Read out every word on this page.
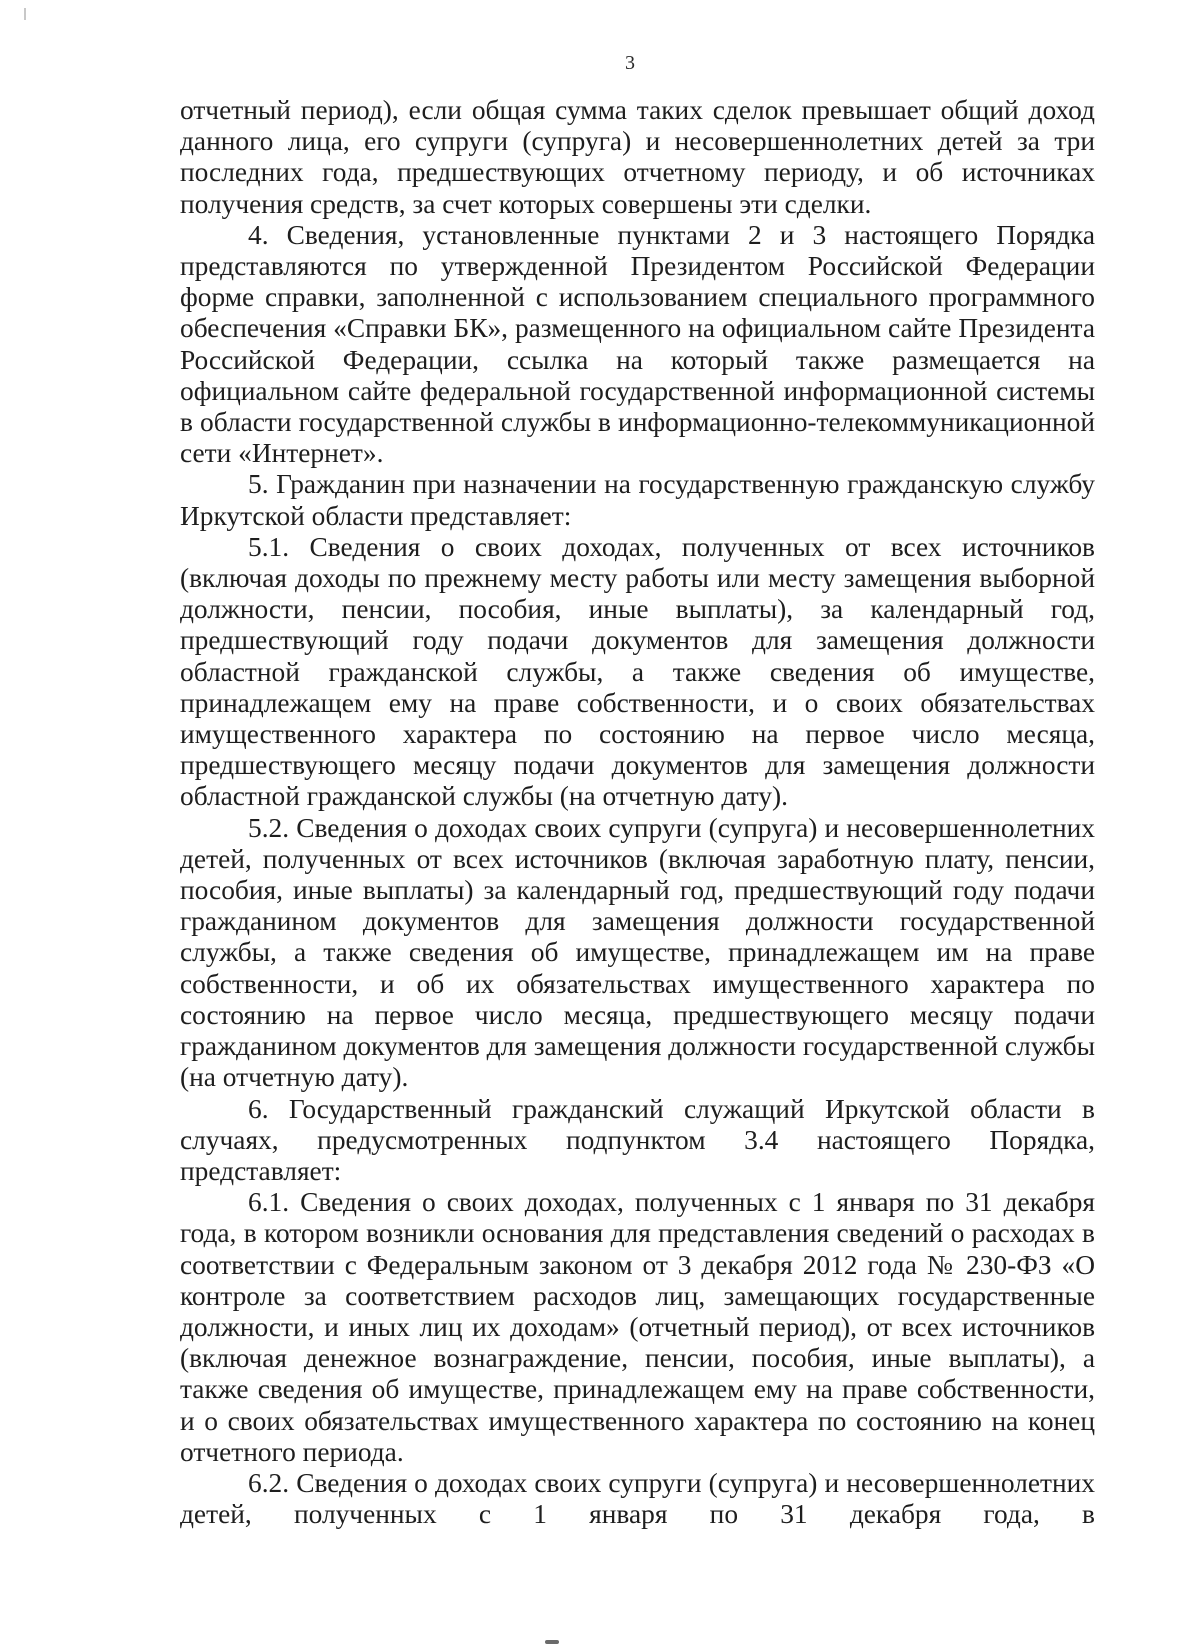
3

отчетный период), если общая сумма таких сделок превышает общий доход данного лица, его супруги (супруга) и несовершеннолетних детей за три последних года, предшествующих отчетному периоду, и об источниках получения средств, за счет которых совершены эти сделки.

4. Сведения, установленные пунктами 2 и 3 настоящего Порядка представляются по утвержденной Президентом Российской Федерации форме справки, заполненной с использованием специального программного обеспечения «Справки БК», размещенного на официальном сайте Президента Российской Федерации, ссылка на который также размещается на официальном сайте федеральной государственной информационной системы в области государственной службы в информационно-телекоммуникационной сети «Интернет».

5. Гражданин при назначении на государственную гражданскую службу Иркутской области представляет:

5.1. Сведения о своих доходах, полученных от всех источников (включая доходы по прежнему месту работы или месту замещения выборной должности, пенсии, пособия, иные выплаты), за календарный год, предшествующий году подачи документов для замещения должности областной гражданской службы, а также сведения об имуществе, принадлежащем ему на праве собственности, и о своих обязательствах имущественного характера по состоянию на первое число месяца, предшествующего месяцу подачи документов для замещения должности областной гражданской службы (на отчетную дату).

5.2. Сведения о доходах своих супруги (супруга) и несовершеннолетних детей, полученных от всех источников (включая заработную плату, пенсии, пособия, иные выплаты) за календарный год, предшествующий году подачи гражданином документов для замещения должности государственной службы, а также сведения об имуществе, принадлежащем им на праве собственности, и об их обязательствах имущественного характера по состоянию на первое число месяца, предшествующего месяцу подачи гражданином документов для замещения должности государственной службы (на отчетную дату).

6. Государственный гражданский служащий Иркутской области в случаях, предусмотренных подпунктом 3.4 настоящего Порядка, представляет:

6.1. Сведения о своих доходах, полученных с 1 января по 31 декабря года, в котором возникли основания для представления сведений о расходах в соответствии с Федеральным законом от 3 декабря 2012 года № 230-ФЗ «О контроле за соответствием расходов лиц, замещающих государственные должности, и иных лиц их доходам» (отчетный период), от всех источников (включая денежное вознаграждение, пенсии, пособия, иные выплаты), а также сведения об имуществе, принадлежащем ему на праве собственности, и о своих обязательствах имущественного характера по состоянию на конец отчетного периода.

6.2. Сведения о доходах своих супруги (супруга) и несовершеннолетних детей, полученных с 1 января по 31 декабря года, в
